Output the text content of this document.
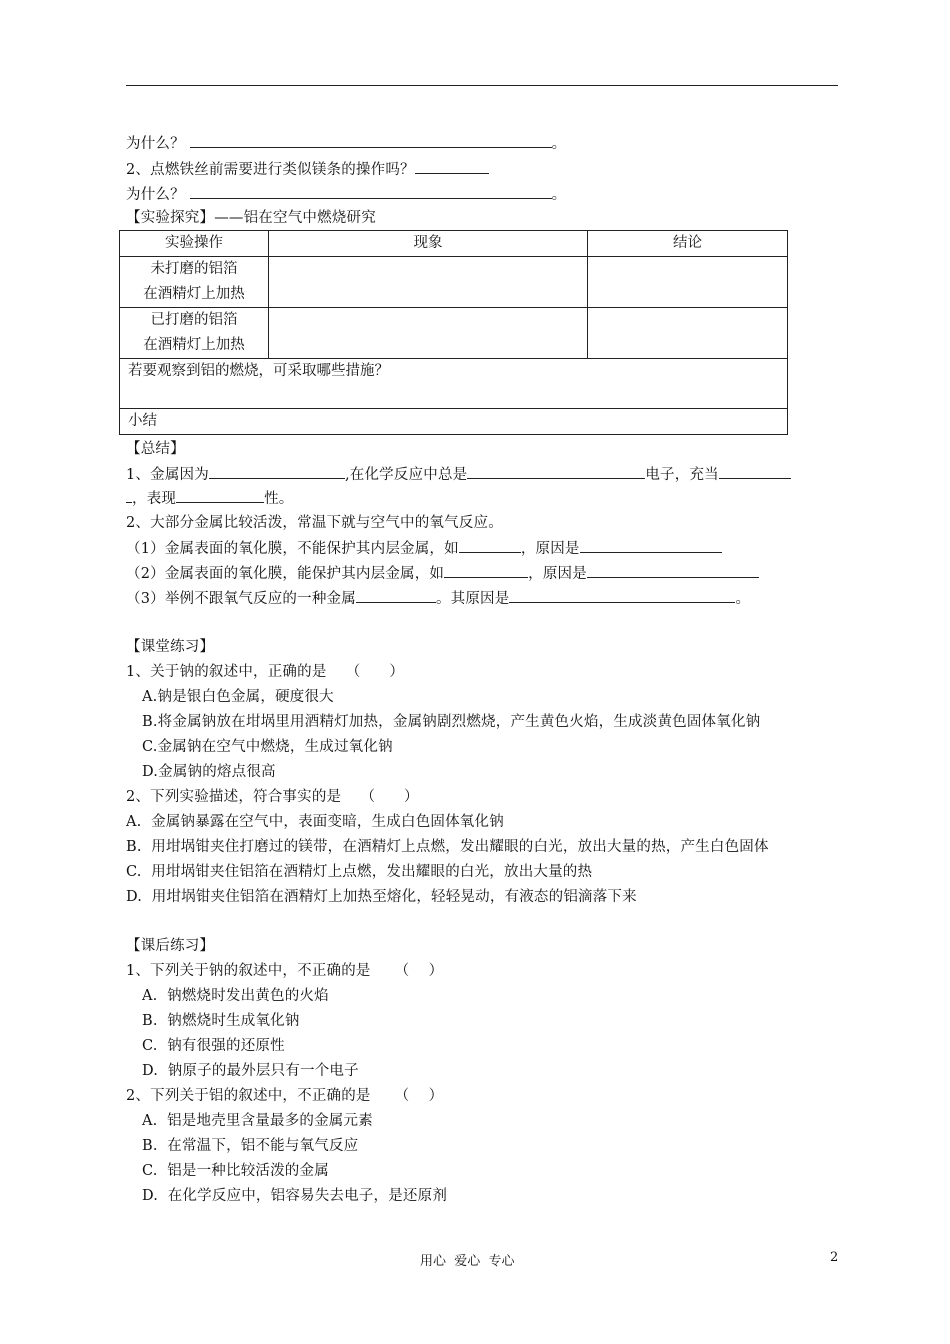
为什么？	。
2、点燃铁丝前需要进行类似镁条的操作吗？
为什么？	。
【实验探究】——铝在空气中燃烧研究
实验操作	现象	结论

未打磨的铝箔
在酒精灯上加热		

已打磨的铝箔
在酒精灯上加热		

若要观察到铝的燃烧，可采取哪些措施？		
小结		
【总结】
1、金属因为	,在化学反应中总是	电子，充当
，表现	性。
2、大部分金属比较活泼，常温下就与空气中的氧气反应。
（1）金属表面的氧化膜，不能保护其内层金属，如	，原因是
（2）金属表面的氧化膜，能保护其内层金属，如	，原因是
（3）举例不跟氧气反应的一种金属	。其原因是	。
【课堂练习】
1、关于钠的叙述中，正确的是    （      ）
A.钠是银白色金属，硬度很大
B.将金属钠放在坩埚里用酒精灯加热，金属钠剧烈燃烧，产生黄色火焰，生成淡黄色固体氧化钠
C.金属钠在空气中燃烧，生成过氧化钠
D.金属钠的熔点很高
2、下列实验描述，符合事实的是    （      ）
A.  金属钠暴露在空气中，表面变暗，生成白色固体氧化钠
B.  用坩埚钳夹住打磨过的镁带，在酒精灯上点燃，发出耀眼的白光，放出大量的热，产生白色固体
C.  用坩埚钳夹住铝箔在酒精灯上点燃，发出耀眼的白光，放出大量的热
D.  用坩埚钳夹住铝箔在酒精灯上加热至熔化，轻轻晃动，有液态的铝滴落下来
【课后练习】
1、下列关于钠的叙述中，不正确的是     （    ）
A.  钠燃烧时发出黄色的火焰
B.  钠燃烧时生成氧化钠
C.  钠有很强的还原性
D.  钠原子的最外层只有一个电子
2、下列关于铝的叙述中，不正确的是     （    ）
A.  铝是地壳里含量最多的金属元素
B.  在常温下，铝不能与氧气反应
C.  铝是一种比较活泼的金属
D.  在化学反应中，铝容易失去电子，是还原剂
用心  爱心  专心	2
